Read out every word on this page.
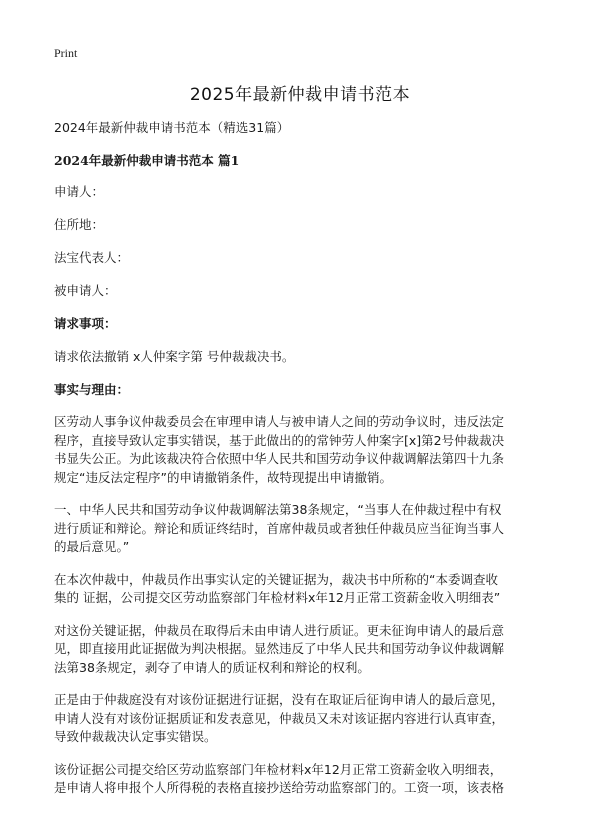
Print
2025年最新仲裁申请书范本
2024年最新仲裁申请书范本（精选31篇）
2024年最新仲裁申请书范本 篇1
申请人：
住所地：
法宝代表人：
被申请人：
请求事项：
请求依法撤销 x人仲案字第 号仲裁裁决书。
事实与理由：
区劳动人事争议仲裁委员会在审理申请人与被申请人之间的劳动争议时，违反法定
程序，直接导致认定事实错误，基于此做出的的常钟劳人仲案字[x]第2号仲裁裁决
书显失公正。为此该裁决符合依照中华人民共和国劳动争议仲裁调解法第四十九条
规定“违反法定程序”的申请撤销条件，故特现提出申请撤销。
一、中华人民共和国劳动争议仲裁调解法第38条规定，“当事人在仲裁过程中有权
进行质证和辩论。辩论和质证终结时，首席仲裁员或者独任仲裁员应当征询当事人
的最后意见。”
在本次仲裁中，仲裁员作出事实认定的关键证据为，裁决书中所称的“本委调查收
集的 证据，公司提交区劳动监察部门年检材料x年12月正常工资薪金收入明细表”
对这份关键证据，仲裁员在取得后未由申请人进行质证。更未征询申请人的最后意
见，即直接用此证据做为判决根据。显然违反了中华人民共和国劳动争议仲裁调解
法第38条规定，剥夺了申请人的质证权利和辩论的权利。
正是由于仲裁庭没有对该份证据进行证据，没有在取证后征询申请人的最后意见，
申请人没有对该份证据质证和发表意见，仲裁员又未对该证据内容进行认真审查，
导致仲裁裁决认定事实错误。
该份证据公司提交给区劳动监察部门年检材料x年12月正常工资薪金收入明细表，
是申请人将申报个人所得税的表格直接抄送给劳动监察部门的。工资一项，该表格
